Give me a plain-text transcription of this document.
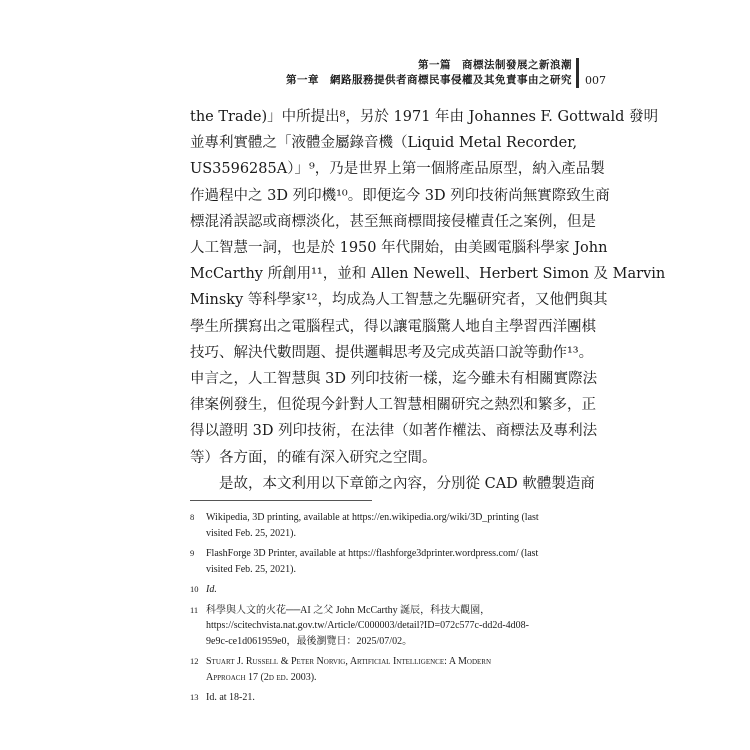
第一篇　商標法制發展之新浪潮
第一章　網路服務提供者商標民事侵權及其免責事由之研究 007
the Trade)」中所提出⁸，另於 1971 年由 Johannes F. Gottwald 發明
並專利實體之「液體金屬錄音機（Liquid Metal Recorder,
US3596285A）」⁹，乃是世界上第一個將產品原型，納入產品製
作過程中之 3D 列印機¹⁰。即便迄今 3D 列印技術尚無實際致生商
標混淆誤認或商標淡化，甚至無商標間接侵權責任之案例，但是
人工智慧一詞，也是於 1950 年代開始，由美國電腦科學家 John
McCarthy 所創用¹¹，並和 Allen Newell、Herbert Simon 及 Marvin
Minsky 等科學家¹²，均成為人工智慧之先驅研究者，又他們與其
學生所撰寫出之電腦程式，得以讓電腦驚人地自主學習西洋團棋
技巧、解決代數問題、提供邏輯思考及完成英語口說等動作¹³。
申言之，人工智慧與 3D 列印技術一樣，迄今雖未有相關實際法
律案例發生，但從現今針對人工智慧相關研究之熱烈和繁多，正
得以證明 3D 列印技術，在法律（如著作權法、商標法及專利法
等）各方面，的確有深入研究之空間。
是故，本文利用以下章節之內容，分別從 CAD 軟體製造商
8 Wikipedia, 3D printing, available at https://en.wikipedia.org/wiki/3D_printing (last
visited Feb. 25, 2021).
9 FlashForge 3D Printer, available at https://flashforge3dprinter.wordpress.com/ (last
visited Feb. 25, 2021).
10 Id.
11 科學與人文的火花──AI 之父 John McCarthy 誕辰，科技大觀園，
https://scitechvista.nat.gov.tw/Article/C000003/detail?ID=072c577c-dd2d-4d08-
9e9c-ce1d061959e0，最後瀏覽日：2025/07/02。
12 Stuart J. Russell & Peter Norvig, Artificial Intelligence: A Modern
Approach 17 (2d ed. 2003).
13 Id. at 18-21.
